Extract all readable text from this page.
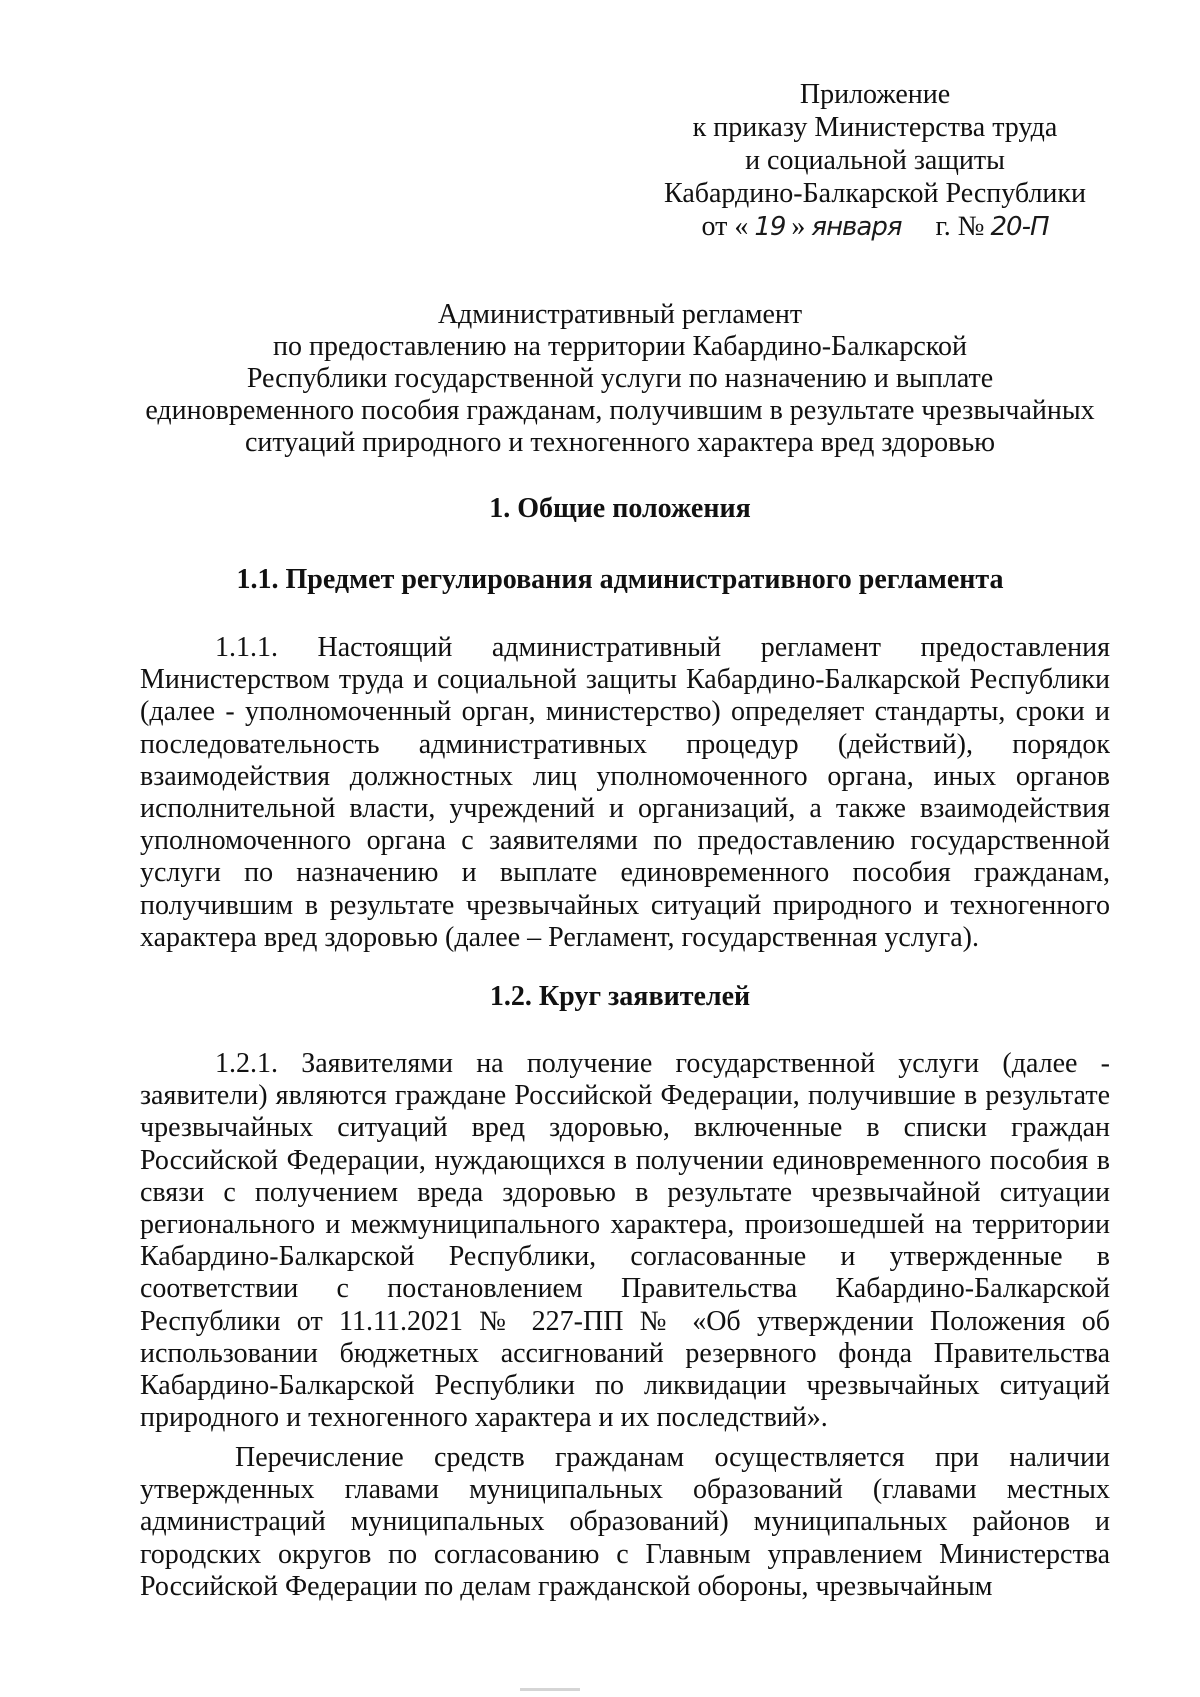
Приложение
к приказу Министерства труда
и социальной защиты
Кабардино-Балкарской Республики
от « 19 » января г. № 20-П
Административный регламент
по предоставлению на территории Кабардино-Балкарской
Республики государственной услуги по назначению и выплате
единовременного пособия гражданам, получившим в результате чрезвычайных
ситуаций природного и техногенного характера вред здоровью
1. Общие положения
1.1. Предмет регулирования административного регламента
1.1.1. Настоящий административный регламент предоставления Министерством труда и социальной защиты Кабардино-Балкарской Республики (далее - уполномоченный орган, министерство) определяет стандарты, сроки и последовательность административных процедур (действий), порядок взаимодействия должностных лиц уполномоченного органа, иных органов исполнительной власти, учреждений и организаций, а также взаимодействия уполномоченного органа с заявителями по предоставлению государственной услуги по назначению и выплате единовременного пособия гражданам, получившим в результате чрезвычайных ситуаций природного и техногенного характера вред здоровью (далее – Регламент, государственная услуга).
1.2. Круг заявителей
1.2.1. Заявителями на получение государственной услуги (далее - заявители) являются граждане Российской Федерации, получившие в результате чрезвычайных ситуаций вред здоровью, включенные в списки граждан Российской Федерации, нуждающихся в получении единовременного пособия в связи с получением вреда здоровью в результате чрезвычайной ситуации регионального и межмуниципального характера, произошедшей на территории Кабардино-Балкарской Республики, согласованные и утвержденные в соответствии с постановлением Правительства Кабардино-Балкарской Республики от 11.11.2021 № 227-ПП № «Об утверждении Положения об использовании бюджетных ассигнований резервного фонда Правительства Кабардино-Балкарской Республики по ликвидации чрезвычайных ситуаций природного и техногенного характера и их последствий».
Перечисление средств гражданам осуществляется при наличии утвержденных главами муниципальных образований (главами местных администраций муниципальных образований) муниципальных районов и городских округов по согласованию с Главным управлением Министерства Российской Федерации по делам гражданской обороны, чрезвычайным
